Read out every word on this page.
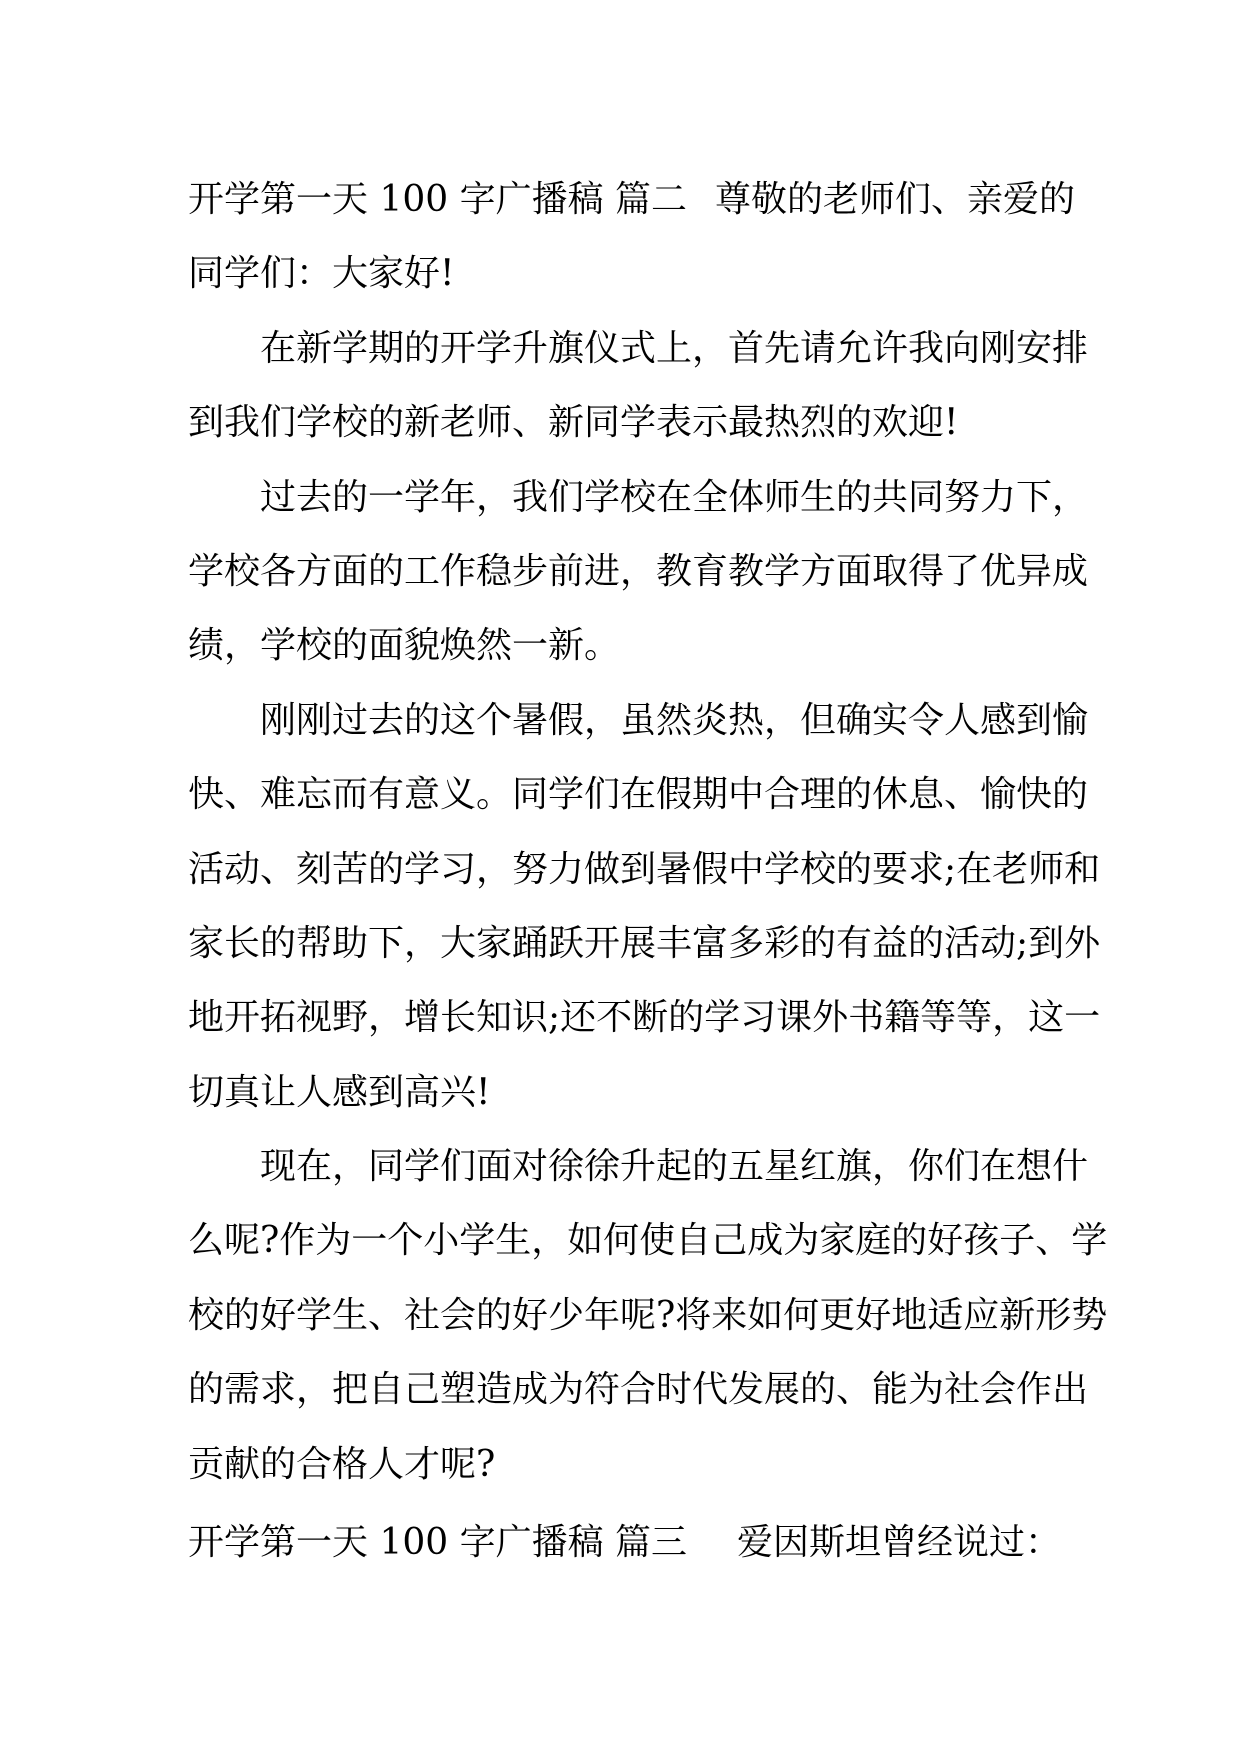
开学第一天 100 字广播稿 篇二 尊敬的老师们、亲爱的
同学们：大家好!
在新学期的开学升旗仪式上，首先请允许我向刚安排
到我们学校的新老师、新同学表示最热烈的欢迎!
过去的一学年，我们学校在全体师生的共同努力下，
学校各方面的工作稳步前进，教育教学方面取得了优异成
绩，学校的面貌焕然一新。
刚刚过去的这个暑假，虽然炎热，但确实令人感到愉
快、难忘而有意义。同学们在假期中合理的休息、愉快的
活动、刻苦的学习，努力做到暑假中学校的要求;在老师和
家长的帮助下，大家踊跃开展丰富多彩的有益的活动;到外
地开拓视野，增长知识;还不断的学习课外书籍等等，这一
切真让人感到高兴!
现在，同学们面对徐徐升起的五星红旗，你们在想什
么呢?作为一个小学生，如何使自己成为家庭的好孩子、学
校的好学生、社会的好少年呢?将来如何更好地适应新形势
的需求，把自己塑造成为符合时代发展的、能为社会作出
贡献的合格人才呢?
开学第一天 100 字广播稿 篇三 爱因斯坦曾经说过：
